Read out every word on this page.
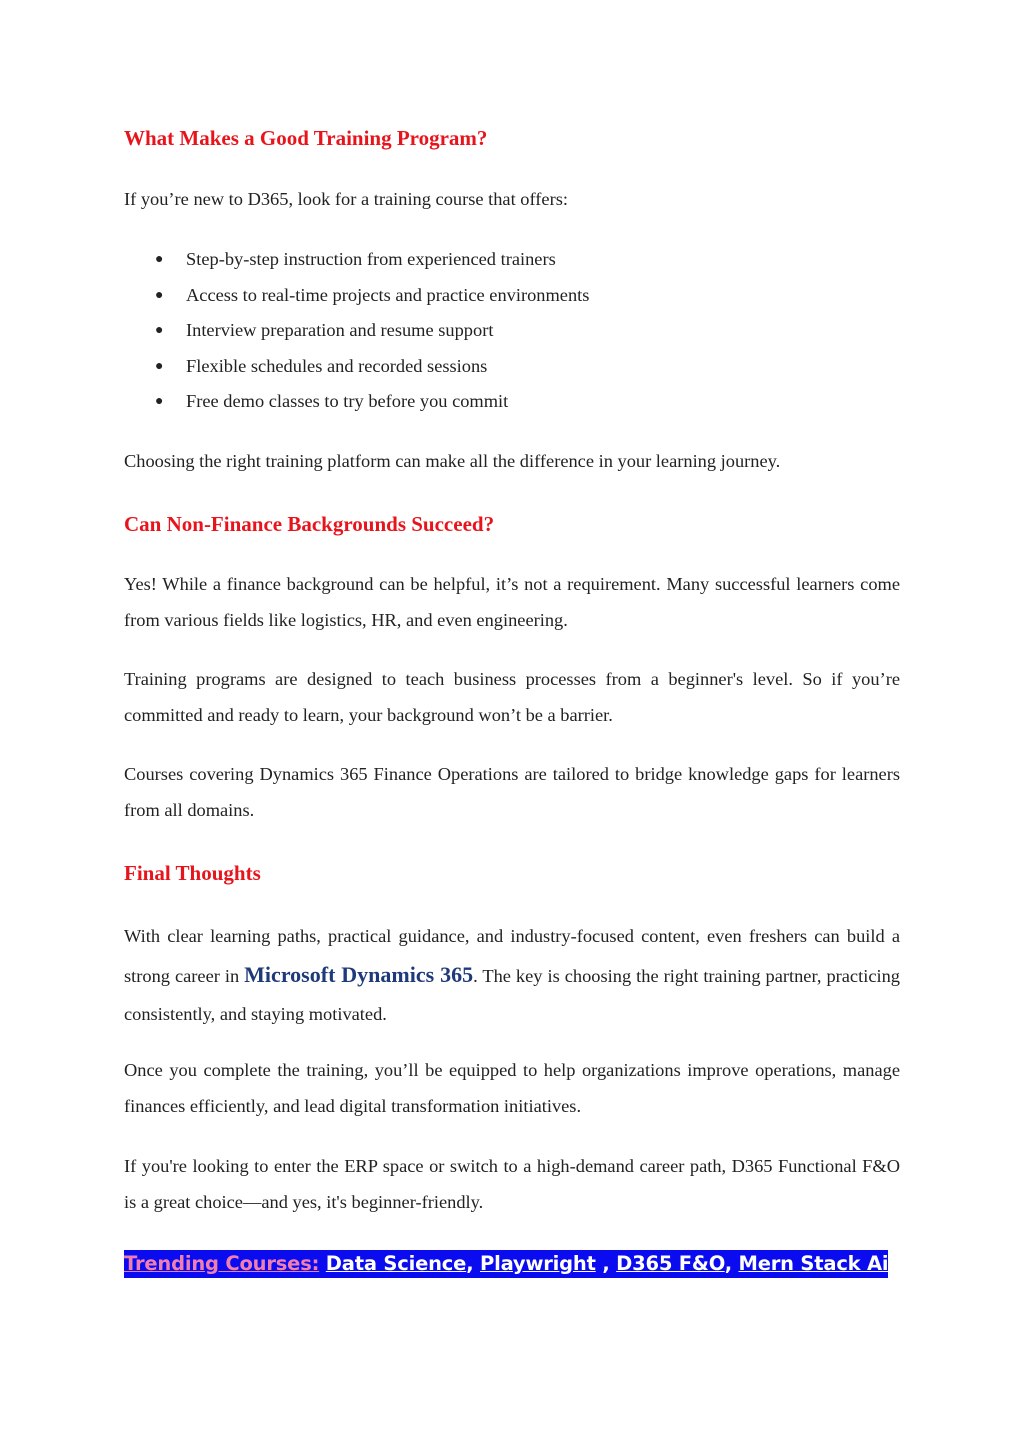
What Makes a Good Training Program?

If you’re new to D365, look for a training course that offers:

● Step-by-step instruction from experienced trainers
● Access to real-time projects and practice environments
● Interview preparation and resume support
● Flexible schedules and recorded sessions
● Free demo classes to try before you commit

Choosing the right training platform can make all the difference in your learning journey.

Can Non-Finance Backgrounds Succeed?

Yes! While a finance background can be helpful, it’s not a requirement. Many successful learners come from various fields like logistics, HR, and even engineering.

Training programs are designed to teach business processes from a beginner's level. So if you’re committed and ready to learn, your background won’t be a barrier.

Courses covering Dynamics 365 Finance Operations are tailored to bridge knowledge gaps for learners from all domains.

Final Thoughts

With clear learning paths, practical guidance, and industry-focused content, even freshers can build a strong career in Microsoft Dynamics 365. The key is choosing the right training partner, practicing consistently, and staying motivated.

Once you complete the training, you’ll be equipped to help organizations improve operations, manage finances efficiently, and lead digital transformation initiatives.

If you're looking to enter the ERP space or switch to a high-demand career path, D365 Functional F&O is a great choice—and yes, it's beginner-friendly.

Trending Courses: Data Science, Playwright , D365 F&O, Mern Stack Ai
